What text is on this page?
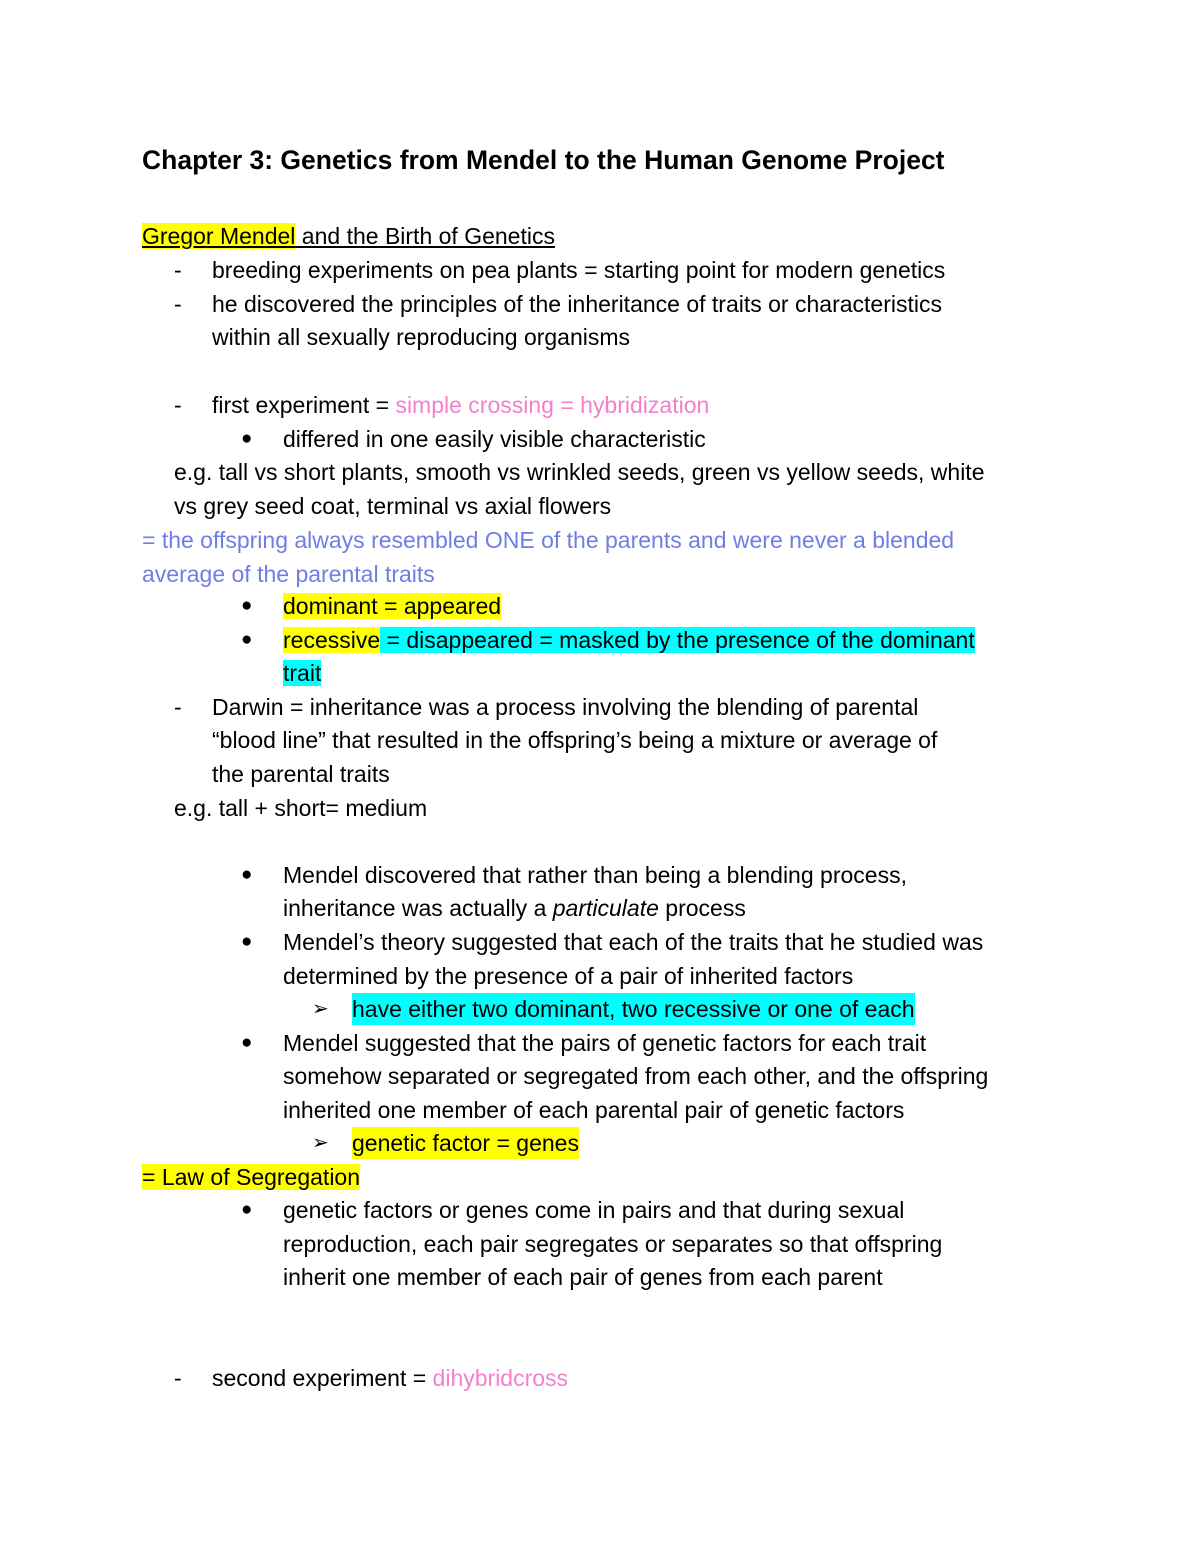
Chapter 3: Genetics from Mendel to the Human Genome Project
Gregor Mendel and the Birth of Genetics
- breeding experiments on pea plants = starting point for modern genetics
- he discovered the principles of the inheritance of traits or characteristics
within all sexually reproducing organisms
- first experiment = simple crossing = hybridization
● differed in one easily visible characteristic
e.g. tall vs short plants, smooth vs wrinkled seeds, green vs yellow seeds, white
vs grey seed coat, terminal vs axial flowers
= the offspring always resembled ONE of the parents and were never a blended
average of the parental traits
● dominant = appeared
● recessive = disappeared = masked by the presence of the dominant
trait
- Darwin = inheritance was a process involving the blending of parental
“blood line” that resulted in the offspring’s being a mixture or average of
the parental traits
e.g. tall + short= medium
● Mendel discovered that rather than being a blending process,
inheritance was actually a particulate process
● Mendel’s theory suggested that each of the traits that he studied was
determined by the presence of a pair of inherited factors
➢ have either two dominant, two recessive or one of each
● Mendel suggested that the pairs of genetic factors for each trait
somehow separated or segregated from each other, and the offspring
inherited one member of each parental pair of genetic factors
➢ genetic factor = genes
= Law of Segregation
● genetic factors or genes come in pairs and that during sexual
reproduction, each pair segregates or separates so that offspring
inherit one member of each pair of genes from each parent
- second experiment = dihybridcross
